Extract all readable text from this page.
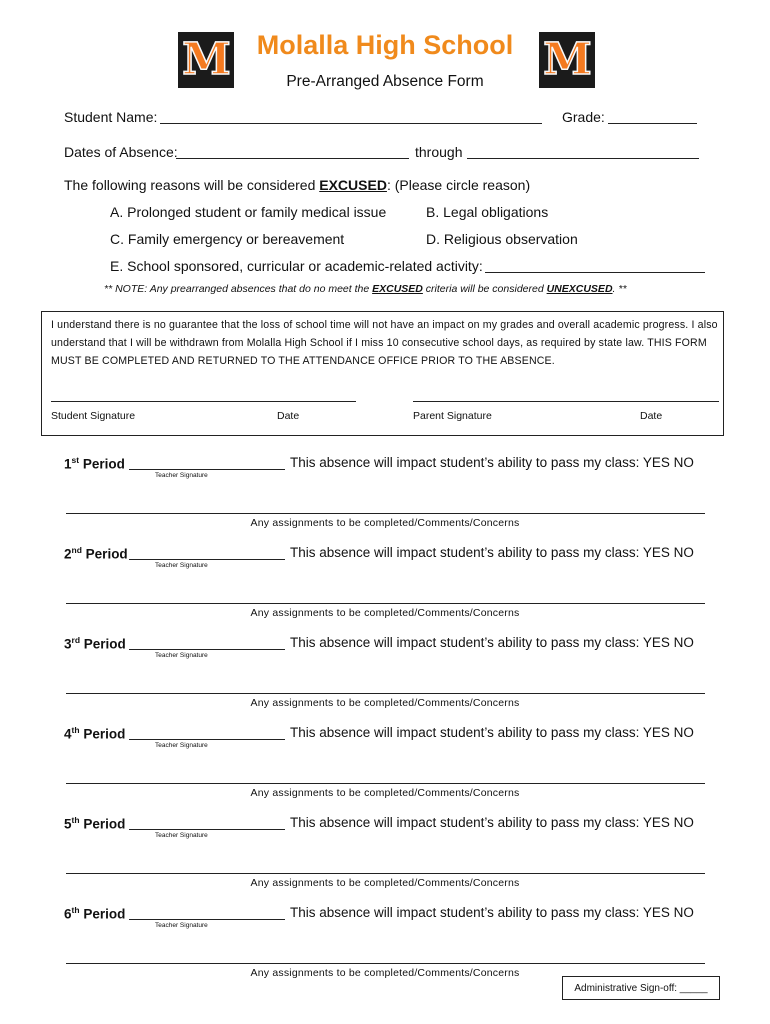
M	M
Molalla High School
Pre-Arranged Absence Form
Student Name:	Grade:
Dates of Absence:	through
The following reasons will be considered EXCUSED: (Please circle reason)
A. Prolonged student or family medical issue	B. Legal obligations
C. Family emergency or bereavement	D. Religious observation
E. School sponsored, curricular or academic-related activity:
** NOTE: Any prearranged absences that do no meet the EXCUSED criteria will be considered UNEXCUSED. **
I understand there is no guarantee that the loss of school time will not have an impact on my grades and overall academic progress. I also understand that I will be withdrawn from Molalla High School if I miss 10 consecutive school days, as required by state law. THIS FORM MUST BE COMPLETED AND RETURNED TO THE ATTENDANCE OFFICE PRIOR TO THE ABSENCE.
Student Signature	Date	Parent Signature	Date
1st Period
Teacher Signature
This absence will impact student’s ability to pass my class: YES NO
Any assignments to be completed/Comments/Concerns
2nd Period
Teacher Signature
This absence will impact student’s ability to pass my class: YES NO
Any assignments to be completed/Comments/Concerns
3rd Period
Teacher Signature
This absence will impact student’s ability to pass my class: YES NO
Any assignments to be completed/Comments/Concerns
4th Period
Teacher Signature
This absence will impact student’s ability to pass my class: YES NO
Any assignments to be completed/Comments/Concerns
5th Period
Teacher Signature
This absence will impact student’s ability to pass my class: YES NO
Any assignments to be completed/Comments/Concerns
6th Period
Teacher Signature
This absence will impact student’s ability to pass my class: YES NO
Any assignments to be completed/Comments/Concerns
Administrative Sign-off: _____
